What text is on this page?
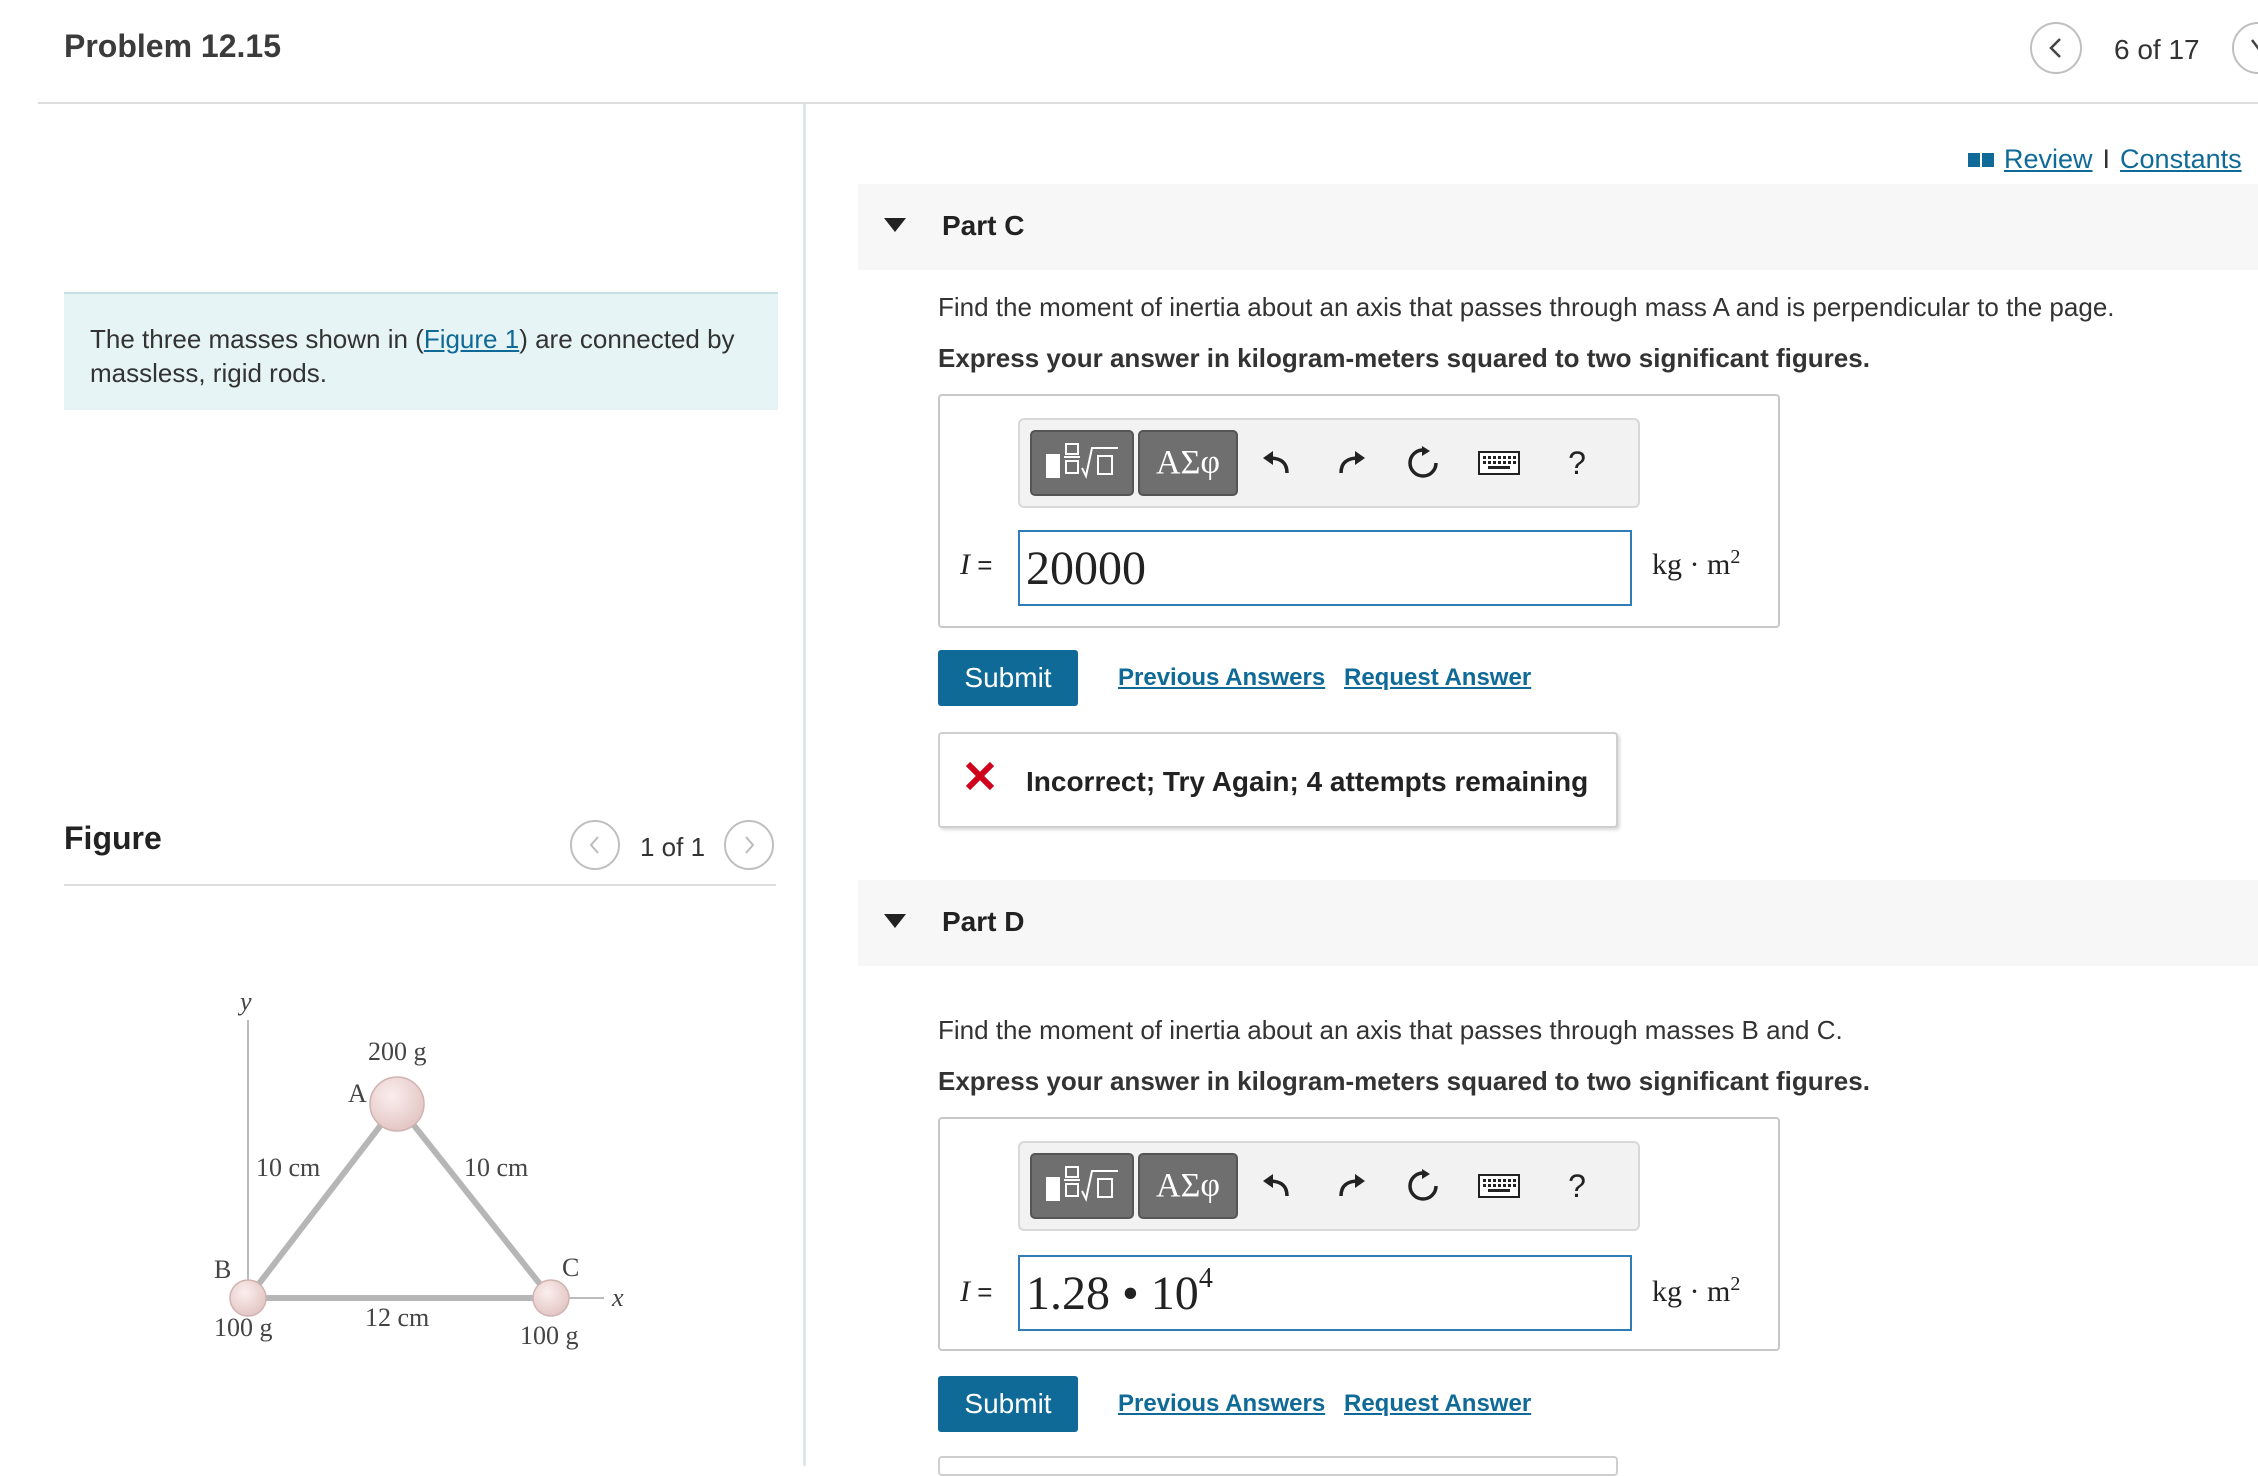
Problem 12.15	6 of 17
The three masses shown in (Figure 1) are connected by massless, rigid rods.
Figure	1 of 1
y
x
200 g
A
10 cm	10 cm
B	C
12 cm
100 g	100 g
Review I Constants
Part C
Find the moment of inertia about an axis that passes through mass A and is perpendicular to the page.
Express your answer in kilogram-meters squared to two significant figures.
ΑΣφ	?
I = 20000	kg · $m^2$
Submit	Previous Answers Request Answer
Incorrect; Try Again; 4 attempts remaining
Part D
Find the moment of inertia about an axis that passes through masses B and C.
Express your answer in kilogram-meters squared to two significant figures.
ΑΣφ	?
I = 1.28 • $10^4$	kg · $m^2$
Submit	Previous Answers Request Answer
